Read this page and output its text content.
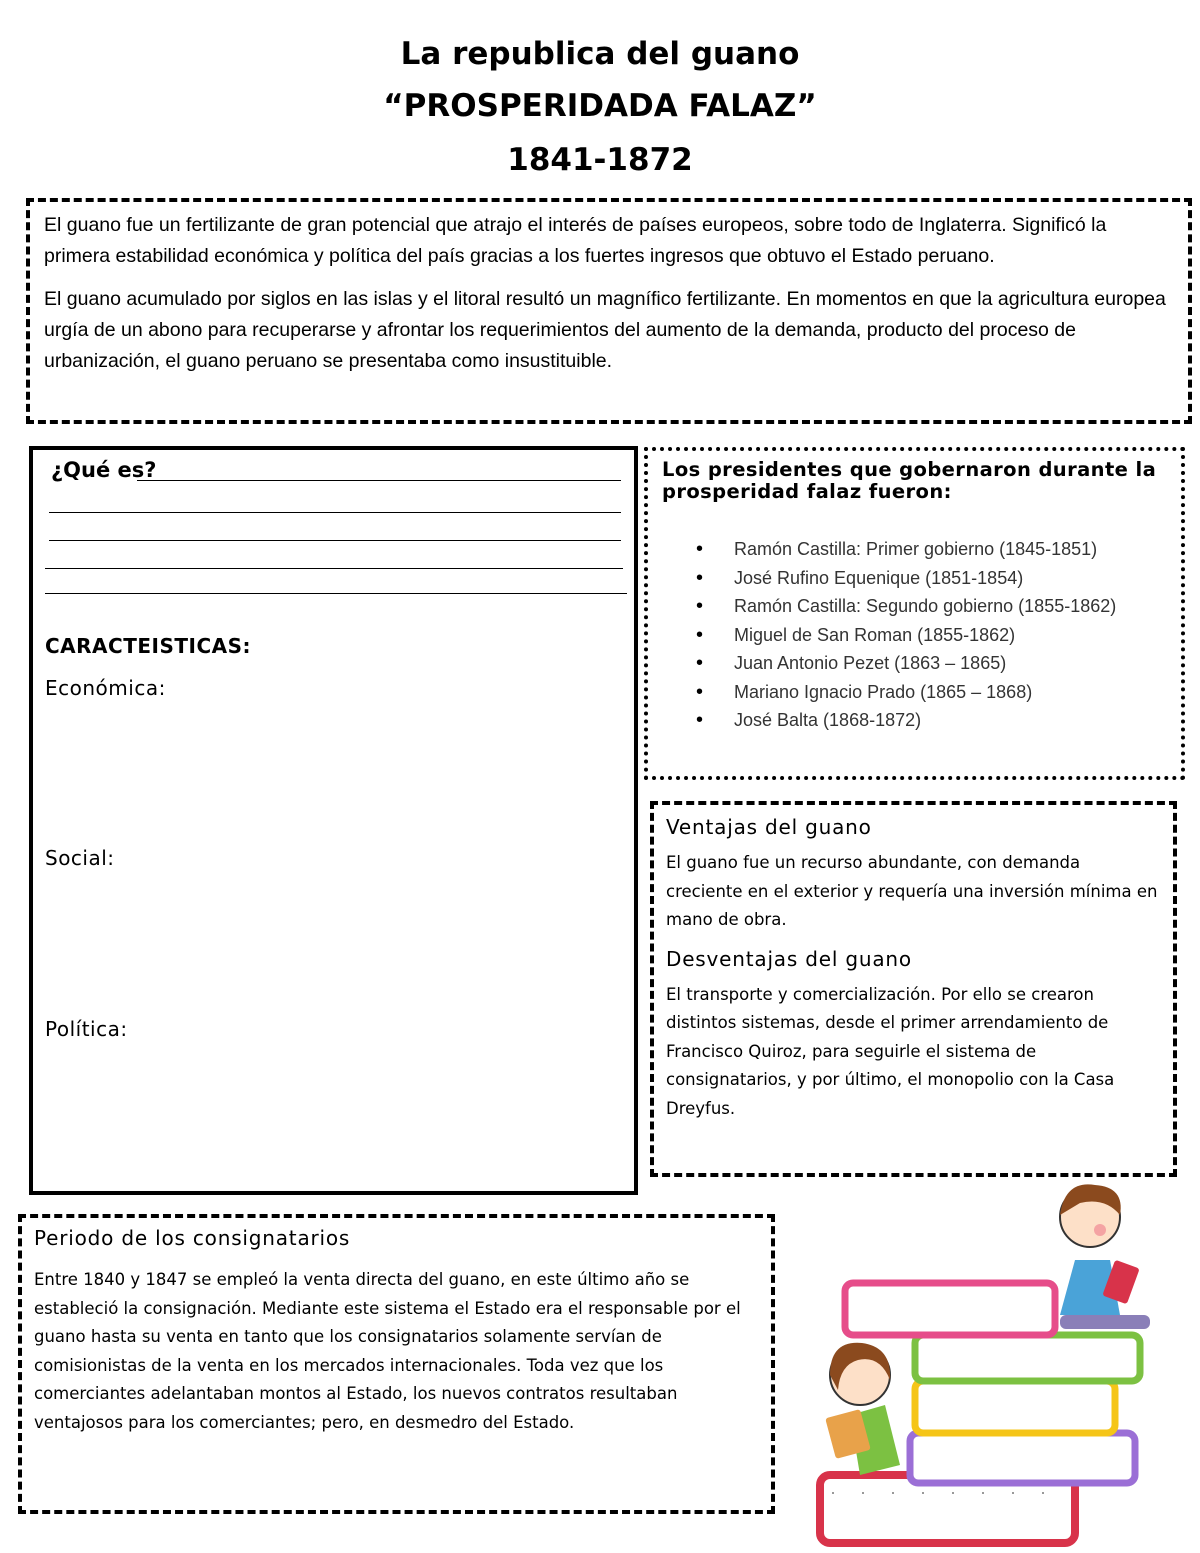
La republica del guano
“PROSPERIDADA FALAZ”
1841-1872

El guano fue un fertilizante de gran potencial que atrajo el interés de países europeos, sobre todo de Inglaterra. Significó la primera estabilidad económica y política del país gracias a los fuertes ingresos que obtuvo el Estado peruano.

El guano acumulado por siglos en las islas y el litoral resultó un magnífico fertilizante. En momentos en que la agricultura europea urgía de un abono para recuperarse y afrontar los requerimientos del aumento de la demanda, producto del proceso de urbanización, el guano peruano se presentaba como insustituible.

¿Qué es?
CARACTEISTICAS:
Económica:
Social:
Política:
Los presidentes que gobernaron durante la prosperidad falaz fueron:
• Ramón Castilla: Primer gobierno (1845-1851)
• José Rufino Equenique (1851-1854)
• Ramón Castilla: Segundo gobierno (1855-1862)
• Miguel de San Roman (1855-1862)
• Juan Antonio Pezet (1863 – 1865)
• Mariano Ignacio Prado (1865 – 1868)
• José Balta (1868-1872)
Ventajas del guano

El guano fue un recurso abundante, con demanda creciente en el exterior y requería una inversión mínima en mano de obra.

Desventajas del guano

El transporte y comercialización. Por ello se crearon distintos sistemas, desde el primer arrendamiento de Francisco Quiroz, para seguirle el sistema de consignatarios, y por último, el monopolio con la Casa Dreyfus.

Periodo de los consignatarios

Entre 1840 y 1847 se empleó la venta directa del guano, en este último año se estableció la consignación. Mediante este sistema el Estado era el responsable por el guano hasta su venta en tanto que los consignatarios solamente servían de comisionistas de la venta en los mercados internacionales. Toda vez que los comerciantes adelantaban montos al Estado, los nuevos contratos resultaban ventajosos para los comerciantes; pero, en desmedro del Estado.
